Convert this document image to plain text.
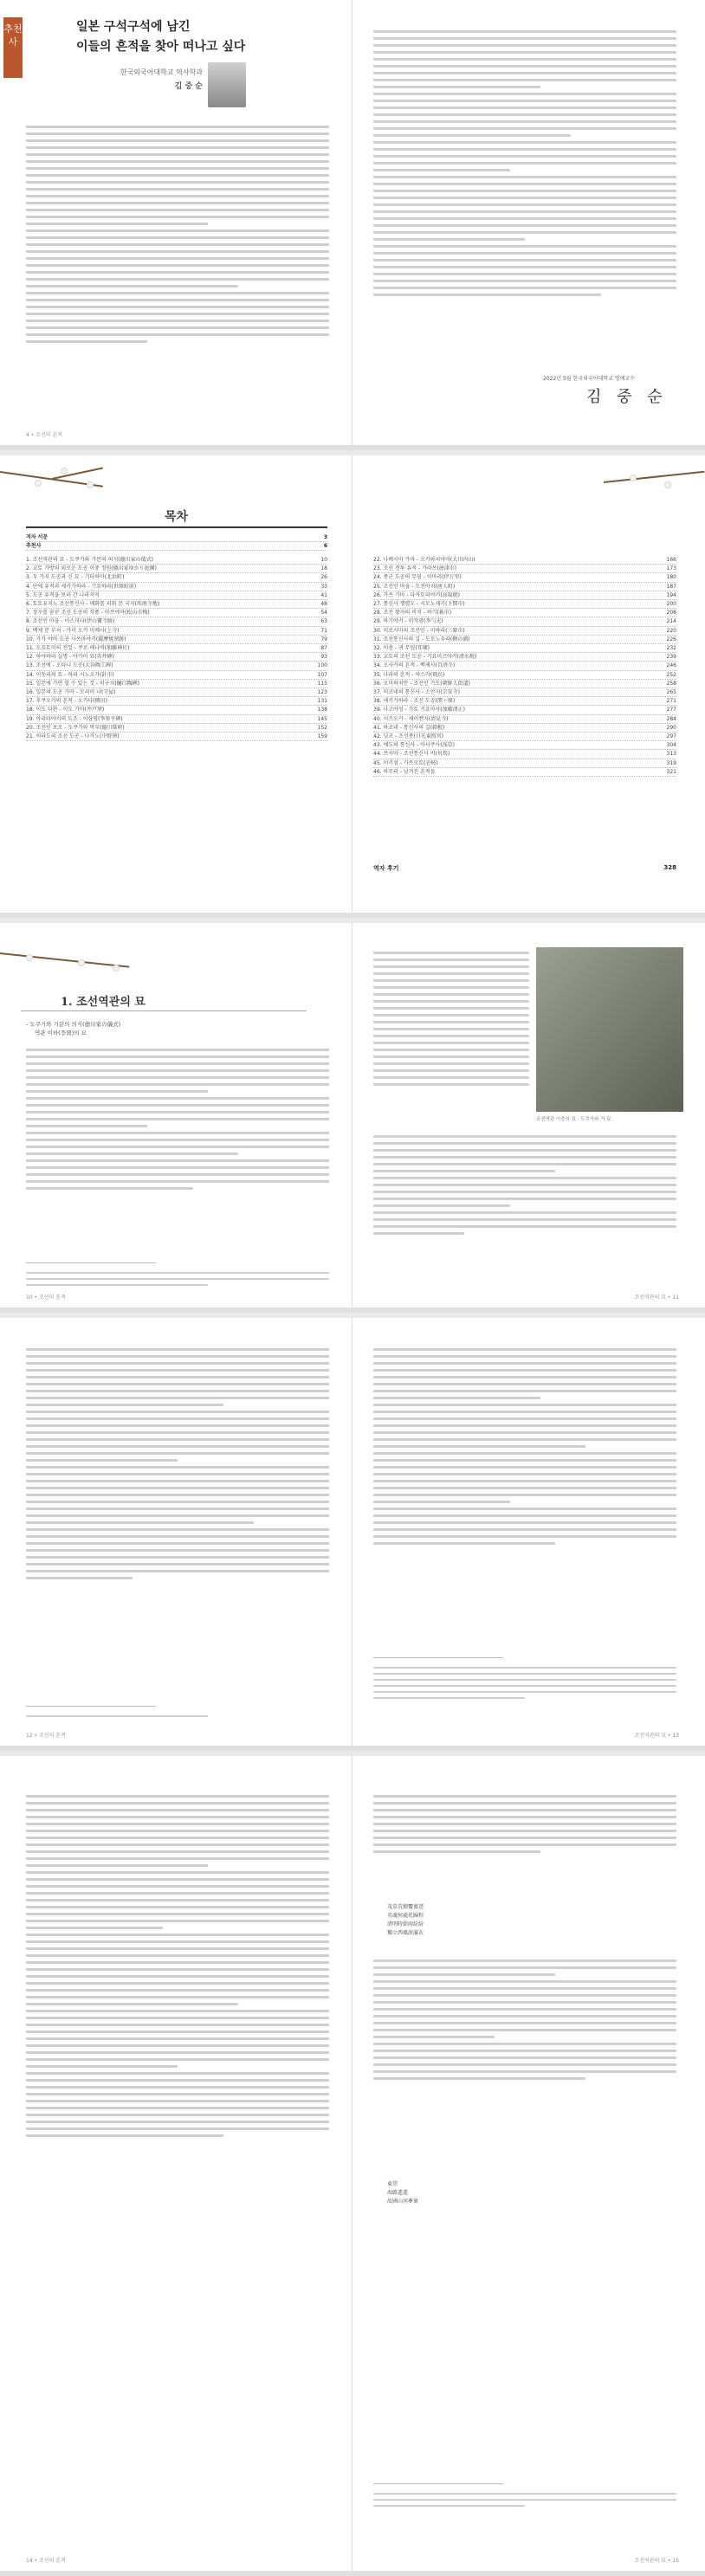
추천사
일본 구석구석에 남긴
이들의 흔적을 찾아 떠나고 싶다
한국외국어대학교 역사학과
김 중 순
4 • 조선의 흔적
2022년 5월 한국외국어대학교 명예교수
김 중 순
목차
저자 서문	3
추천사	6
1. 조선역관의 묘 - 도쿠가와 가문의 의식(德川家の儀式)	10
2. 교토 가방의 외로운 도공 이중 정원(德川家ゆかり庭園)	18
3. 두 가지 도공과 신 묘 - 기타하마(北浜町)	26
4. 단에 유적과 세키가하라 - 기요하라(世原町前)	33
5. 도공 유적을 보러 간 나라지역	41
6. 토토유치노 조선통신사 - 매화를 피워 본 국지(埃南寺地)	48
7. 장수를 꿈꾼 조선 도공의 작품 - 마쓰야마(松山市梅)	54
8. 조선인 마을 - 이스미타(伊の寶寺跡)	63
9. 백제 분 부처 - 카미 오카 미메사(上寺)	71
10. 가가 야마 도공 사쓰마야키(薩摩焼窯跡)	79
11. 도요토미의 전일 - 쿠로 해나비(加藤神社)	87
12. 하야하라 실명 - 아카이 묘(赤井碑)	93
13. 조선에 - 오타니 도공(大谷陶工碑)	100
14. 이동리의 토 - 하리 시노오카(針市)	107
15. 일본에 가면 할 수 있는 것 - 히구치(樋口陶碑)	115
16. 일본의 도공 가마 - 모리미 나(守屋)	123
17. 후쿠오카의 흔적 - 오카다(岡田)	131
18. 이도 다완 - 이도 가마(井戸窯)	138
19. 아리타야키의 도조 - 이삼평(李参平碑)	145
20. 조선인 포로 - 도쿠가와 막부(德川幕府)	152
21. 히라도의 조선 도공 - 나카노(中野窯)	159
22. 나베시마 가마 - 오카와치야마(大川内山)	166
23. 조선 전투 유적 - 가라쓰(唐津市)	173
24. 종군 도공의 무덤 - 이마리(伊万里)	180
25. 조선인 마을 - 도진마치(唐人町)	187
26. 가쓰 가마 - 다카토리야키(高取焼)	194
27. 통신사 행렬도 - 시모노세키(下関市)	200
28. 조선 왕자의 비석 - 하기(萩市)	208
29. 하기야키 - 이작광(李勺光)	214
30. 히로시마의 조선인 - 미하라(三原市)	220
31. 조선통신사의 길 - 도모노우라(鞆の浦)	226
32. 이총 - 귀 무덤(耳塚)	232
33. 교토의 조선 도공 - 기요미즈야키(清水焼)	239
34. 오사카의 흔적 - 백제사(百済寺)	246
35. 나라의 흔적 - 아스카(飛鳥)	252
36. 오미하치만 - 조선인 가도(朝鮮人街道)	258
37. 히코네의 통신사 - 소안지(宗安寺)	265
38. 세키가하라 - 조선 도공(関ヶ原)	271
39. 나고야성 - 가토 기요마사(加藤清正)	277
40. 시즈오카 - 세이켄지(清見寺)	284
41. 하코네 - 통신사의 길(箱根)	290
42. 닛코 - 조선종(日光東照宮)	297
43. 에도의 통신사 - 아사쿠사(浅草)	304
44. 쓰시마 - 조선통신사 비(対馬)	313
45. 이키섬 - 가쓰모토(壱岐)	319
46. 마무리 - 남겨진 흔적들	321
역자 후기	328
1. 조선역관의 묘
- 도쿠가와 가문의 의식(德川家の儀式)
역관 이하(李賀)의 묘
10 • 조선의 흔적
조선역관 이중의 묘 · 도쿠가와 가 묘
조선역관의 묘 • 11
12 • 조선의 흔적	조선역관의 묘 • 13
14 • 조선의 흔적
茂草荒烟覆墓迹
英魂何處托歸程
淸明時節雨紛紛
獨立西風淚滿衣
東望
海路遙遙
故國山河夢裏
조선역관의 묘 • 15
